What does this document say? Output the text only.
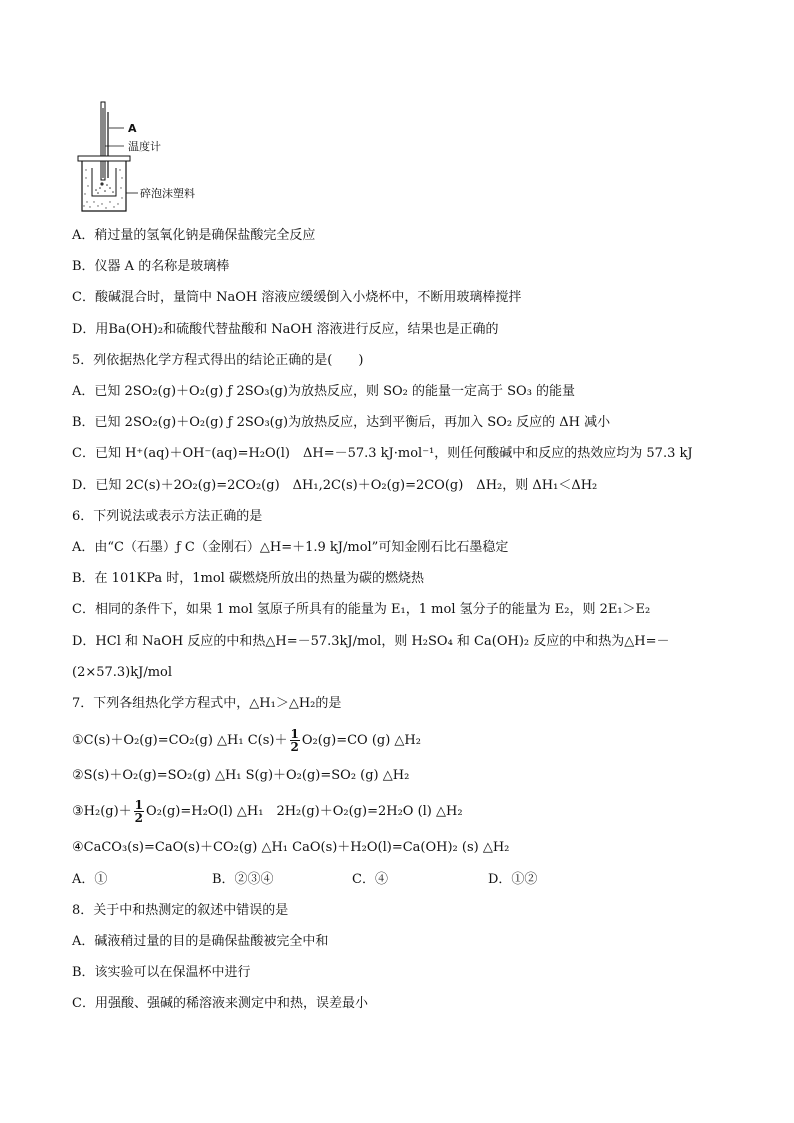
A
温度计
碎泡沫塑料
A．稍过量的氢氧化钠是确保盐酸完全反应
B．仪器 A 的名称是玻璃棒
C．酸碱混合时，量筒中 NaOH 溶液应缓缓倒入小烧杯中，不断用玻璃棒搅拌
D．用Ba(OH)₂和硫酸代替盐酸和 NaOH 溶液进行反应，结果也是正确的
5．列依据热化学方程式得出的结论正确的是(　　)
A．已知 2SO₂(g)＋O₂(g) ƒ 2SO₃(g)为放热反应，则 SO₂ 的能量一定高于 SO₃ 的能量
B．已知 2SO₂(g)＋O₂(g) ƒ 2SO₃(g)为放热反应，达到平衡后，再加入 SO₂ 反应的 ΔH 减小
C．已知 H⁺(aq)＋OH⁻(aq)=H₂O(l)　ΔH=－57.3 kJ·mol⁻¹，则任何酸碱中和反应的热效应均为 57.3 kJ
D．已知 2C(s)＋2O₂(g)=2CO₂(g)　ΔH₁,2C(s)＋O₂(g)=2CO(g)　ΔH₂，则 ΔH₁＜ΔH₂
6．下列说法或表示方法正确的是
A．由“C（石墨）ƒ C（金刚石）△H=＋1.9 kJ/mol”可知金刚石比石墨稳定
B．在 101KPa 时，1mol 碳燃烧所放出的热量为碳的燃烧热
C．相同的条件下，如果 1 mol 氢原子所具有的能量为 E₁，1 mol 氢分子的能量为 E₂，则 2E₁＞E₂
D．HCl 和 NaOH 反应的中和热△H=－57.3kJ/mol，则 H₂SO₄ 和 Ca(OH)₂ 反应的中和热为△H=－
(2×57.3)kJ/mol
7．下列各组热化学方程式中，△H₁＞△H₂的是
①C(s)＋O₂(g)=CO₂(g) △H₁ $C(s)+ \frac{1}{2} O_2(g)=CO$ (g) △H₂
②S(s)＋O₂(g)=SO₂(g) △H₁ S(g)＋O₂(g)=SO₂ (g) △H₂
③H₂(g)＋ $\frac{1}{2} O_2(g)=H_2O(l)$ △H₁　2H₂(g)＋O₂(g)=2H₂O (l) △H₂
④CaCO₃(s)=CaO(s)＋CO₂(g) △H₁ CaO(s)＋H₂O(l)=Ca(OH)₂ (s) △H₂
A．①	B．②③④	C．④	D．①②
8．关于中和热测定的叙述中错误的是
A．碱液稍过量的目的是确保盐酸被完全中和
B．该实验可以在保温杯中进行
C．用强酸、强碱的稀溶液来测定中和热，误差最小
